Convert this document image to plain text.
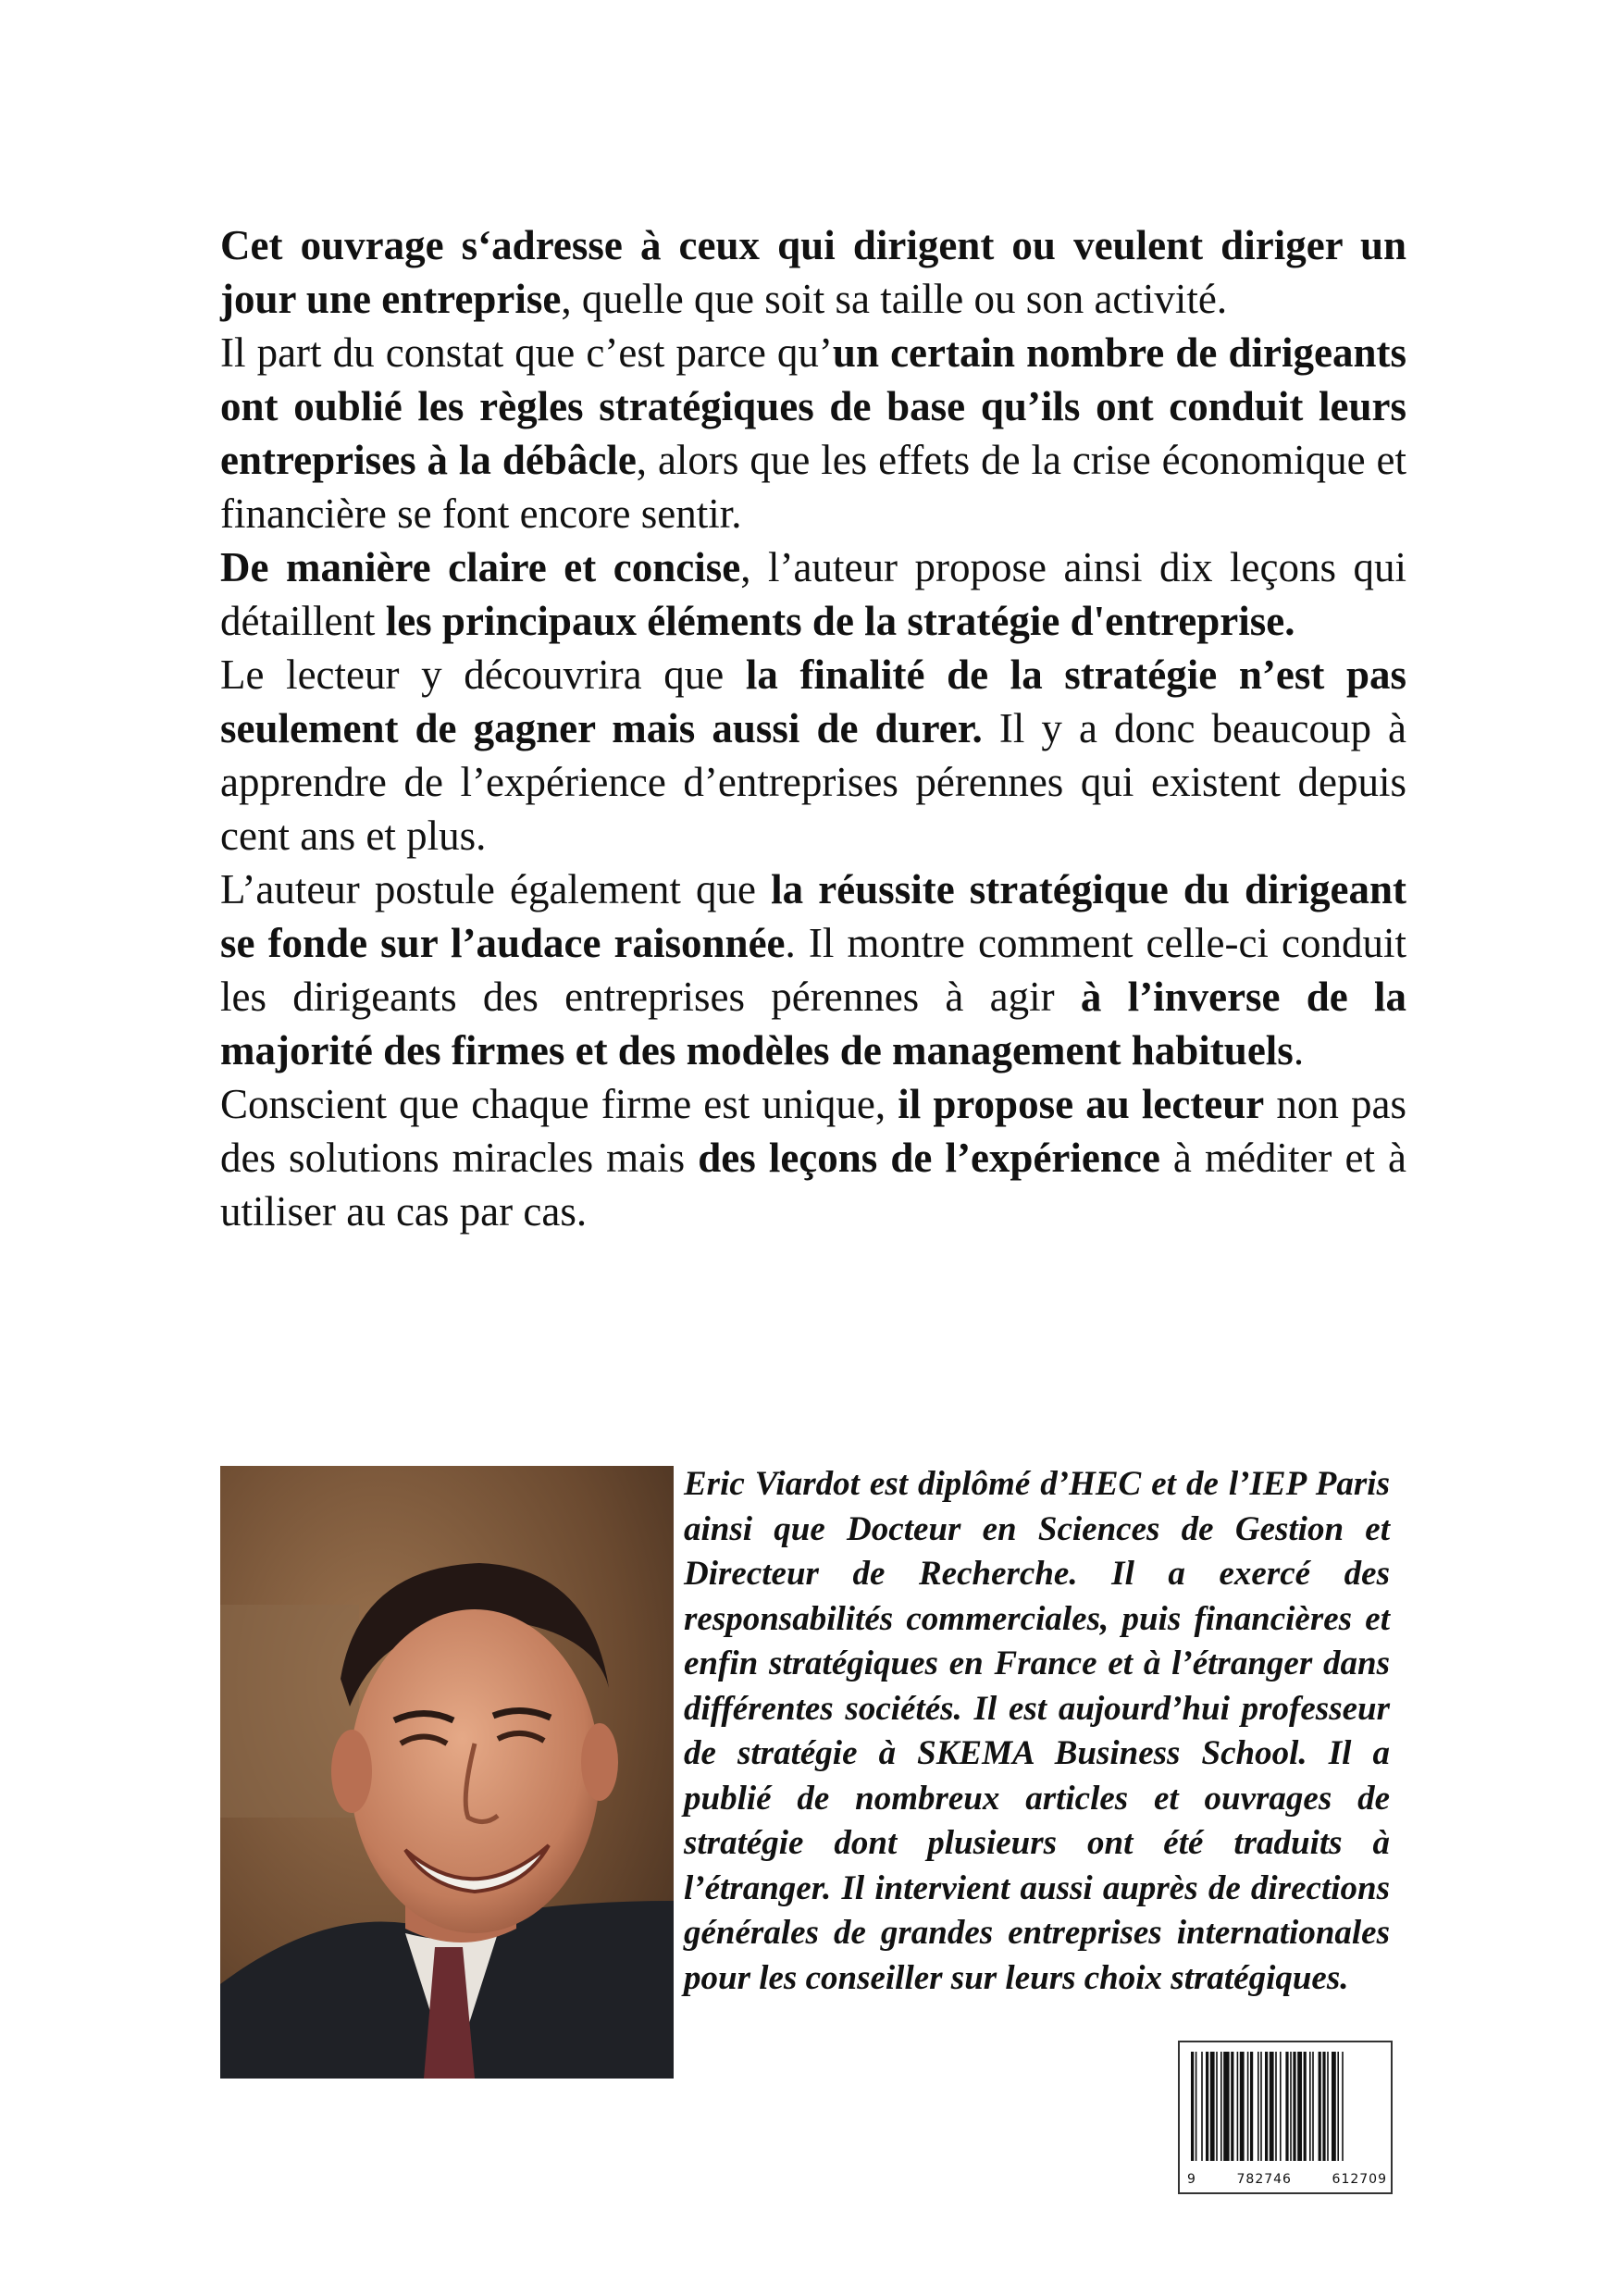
Cet ouvrage s‘adresse à ceux qui dirigent ou veulent diriger un jour une entreprise, quelle que soit sa taille ou son activité.

Il part du constat que c’est parce qu’un certain nombre de dirigeants ont oublié les règles stratégiques de base qu’ils ont conduit leurs entreprises à la débâcle, alors que les effets de la crise économique et financière se font encore sentir.

De manière claire et concise, l’auteur propose ainsi dix leçons qui détaillent les principaux éléments de la stratégie d'entreprise.

Le lecteur y découvrira que la finalité de la stratégie n’est pas seulement de gagner mais aussi de durer. Il y a donc beaucoup à apprendre de l’expérience d’entreprises pérennes qui existent depuis cent ans et plus.

L’auteur postule également que la réussite stratégique du dirigeant se fonde sur l’audace raisonnée. Il montre comment celle-ci conduit les dirigeants des entreprises pérennes à agir à l’inverse de la majorité des firmes et des modèles de management habituels.

Conscient que chaque firme est unique, il propose au lecteur non pas des solutions miracles mais des leçons de l’expérience à méditer et à utiliser au cas par cas.

Eric Viardot est diplômé d’HEC et de l’IEP Paris ainsi que Docteur en Sciences de Gestion et Directeur de Recherche. Il a exercé des responsabilités commerciales, puis financières et enfin stratégiques en France et à l’étranger dans différentes sociétés. Il est aujourd’hui professeur de stratégie à SKEMA Business School. Il a publié de nombreux articles et ouvrages de stratégie dont plusieurs ont été traduits à l’étranger. Il intervient aussi auprès de directions générales de grandes entreprises internationales pour les conseiller sur leurs choix stratégiques.
9	782746	612709
